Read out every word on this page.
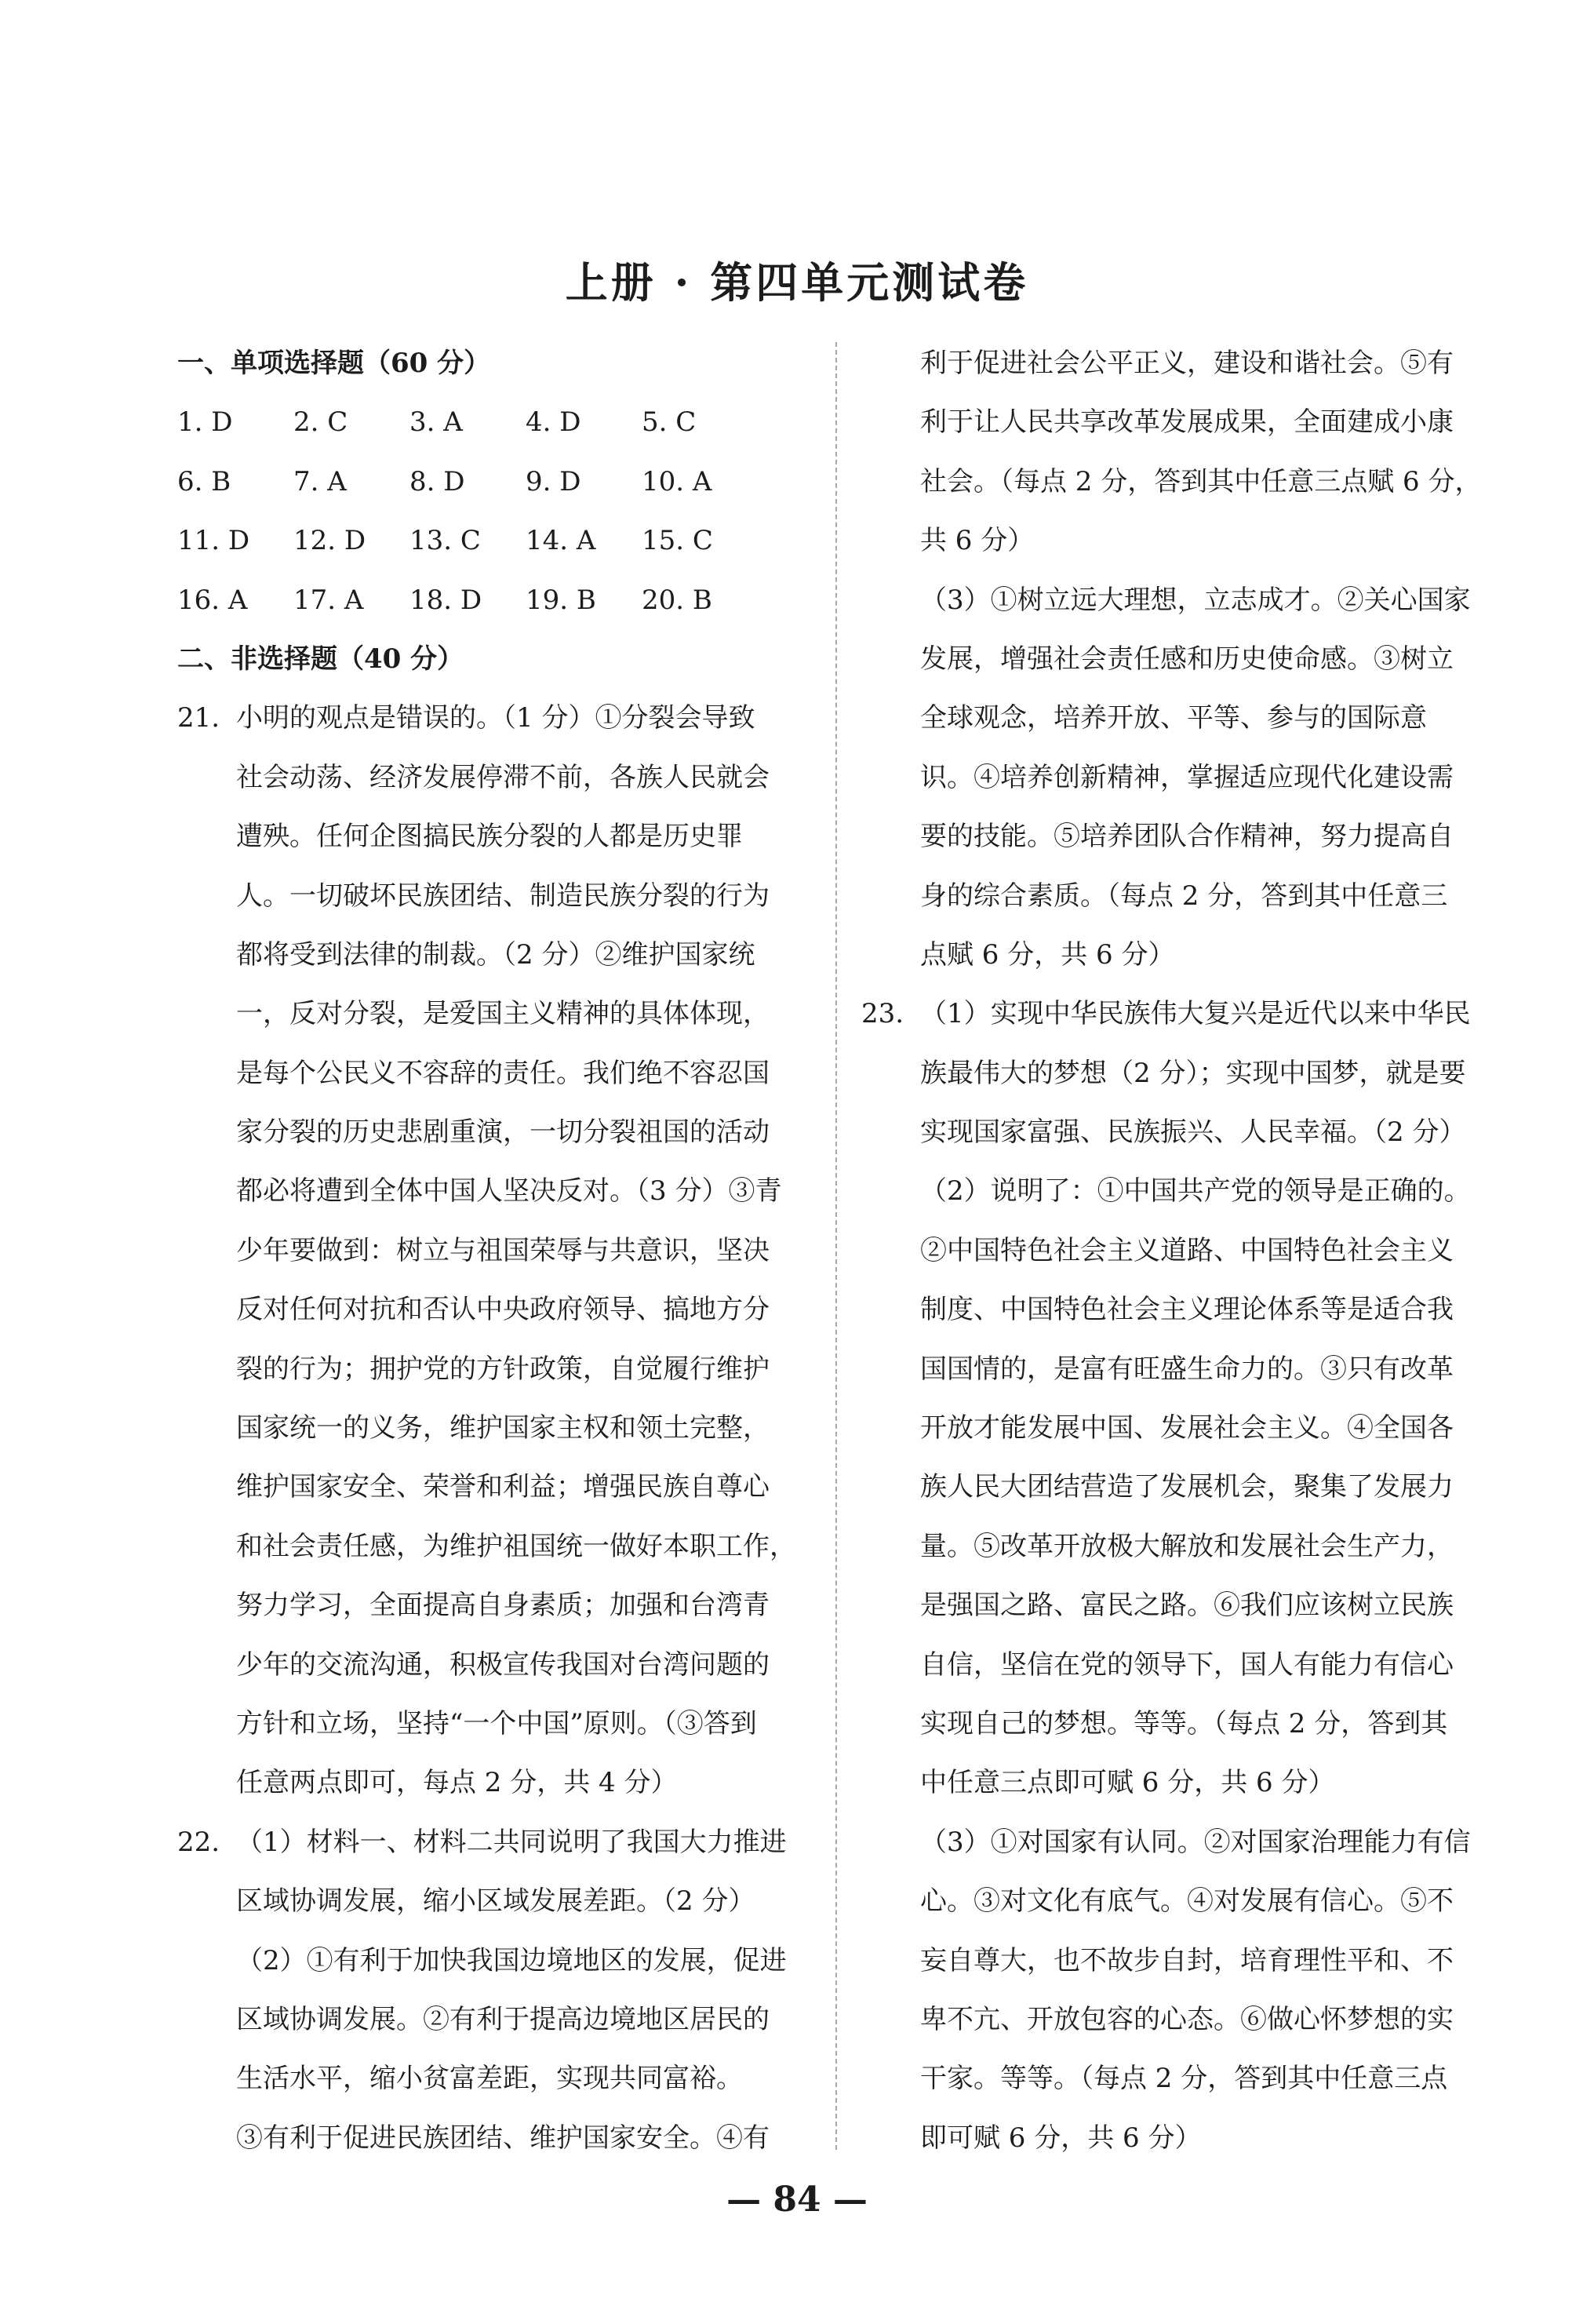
上册 · 第四单元测试卷
一、单项选择题（60 分）
1. D 2. C 3. A 4. D 5. C
6. B 7. A 8. D 9. D 10. A
11. D 12. D 13. C 14. A 15. C
16. A 17. A 18. D 19. B 20. B
二、非选择题（40 分）
21. 小明的观点是错误的。（1 分）①分裂会导致
社会动荡、经济发展停滞不前，各族人民就会
遭殃。任何企图搞民族分裂的人都是历史罪
人。一切破坏民族团结、制造民族分裂的行为
都将受到法律的制裁。（2 分）②维护国家统
一，反对分裂，是爱国主义精神的具体体现，
是每个公民义不容辞的责任。我们绝不容忍国
家分裂的历史悲剧重演，一切分裂祖国的活动
都必将遭到全体中国人坚决反对。（3 分）③青
少年要做到：树立与祖国荣辱与共意识，坚决
反对任何对抗和否认中央政府领导、搞地方分
裂的行为；拥护党的方针政策，自觉履行维护
国家统一的义务，维护国家主权和领土完整，
维护国家安全、荣誉和利益；增强民族自尊心
和社会责任感，为维护祖国统一做好本职工作，
努力学习，全面提高自身素质；加强和台湾青
少年的交流沟通，积极宣传我国对台湾问题的
方针和立场，坚持“一个中国”原则。（③答到
任意两点即可，每点 2 分，共 4 分）
22. （1）材料一、材料二共同说明了我国大力推进
区域协调发展，缩小区域发展差距。（2 分）
（2）①有利于加快我国边境地区的发展，促进
区域协调发展。②有利于提高边境地区居民的
生活水平，缩小贫富差距，实现共同富裕。
③有利于促进民族团结、维护国家安全。④有
利于促进社会公平正义，建设和谐社会。⑤有
利于让人民共享改革发展成果，全面建成小康
社会。（每点 2 分，答到其中任意三点赋 6 分，
共 6 分）
（3）①树立远大理想，立志成才。②关心国家
发展，增强社会责任感和历史使命感。③树立
全球观念，培养开放、平等、参与的国际意
识。④培养创新精神，掌握适应现代化建设需
要的技能。⑤培养团队合作精神，努力提高自
身的综合素质。（每点 2 分，答到其中任意三
点赋 6 分，共 6 分）
23. （1）实现中华民族伟大复兴是近代以来中华民
族最伟大的梦想（2 分）；实现中国梦，就是要
实现国家富强、民族振兴、人民幸福。（2 分）
（2）说明了：①中国共产党的领导是正确的。
②中国特色社会主义道路、中国特色社会主义
制度、中国特色社会主义理论体系等是适合我
国国情的，是富有旺盛生命力的。③只有改革
开放才能发展中国、发展社会主义。④全国各
族人民大团结营造了发展机会，聚集了发展力
量。⑤改革开放极大解放和发展社会生产力，
是强国之路、富民之路。⑥我们应该树立民族
自信，坚信在党的领导下，国人有能力有信心
实现自己的梦想。等等。（每点 2 分，答到其
中任意三点即可赋 6 分，共 6 分）
（3）①对国家有认同。②对国家治理能力有信
心。③对文化有底气。④对发展有信心。⑤不
妄自尊大，也不故步自封，培育理性平和、不
卑不亢、开放包容的心态。⑥做心怀梦想的实
干家。等等。（每点 2 分，答到其中任意三点
即可赋 6 分，共 6 分）
— 84 —
